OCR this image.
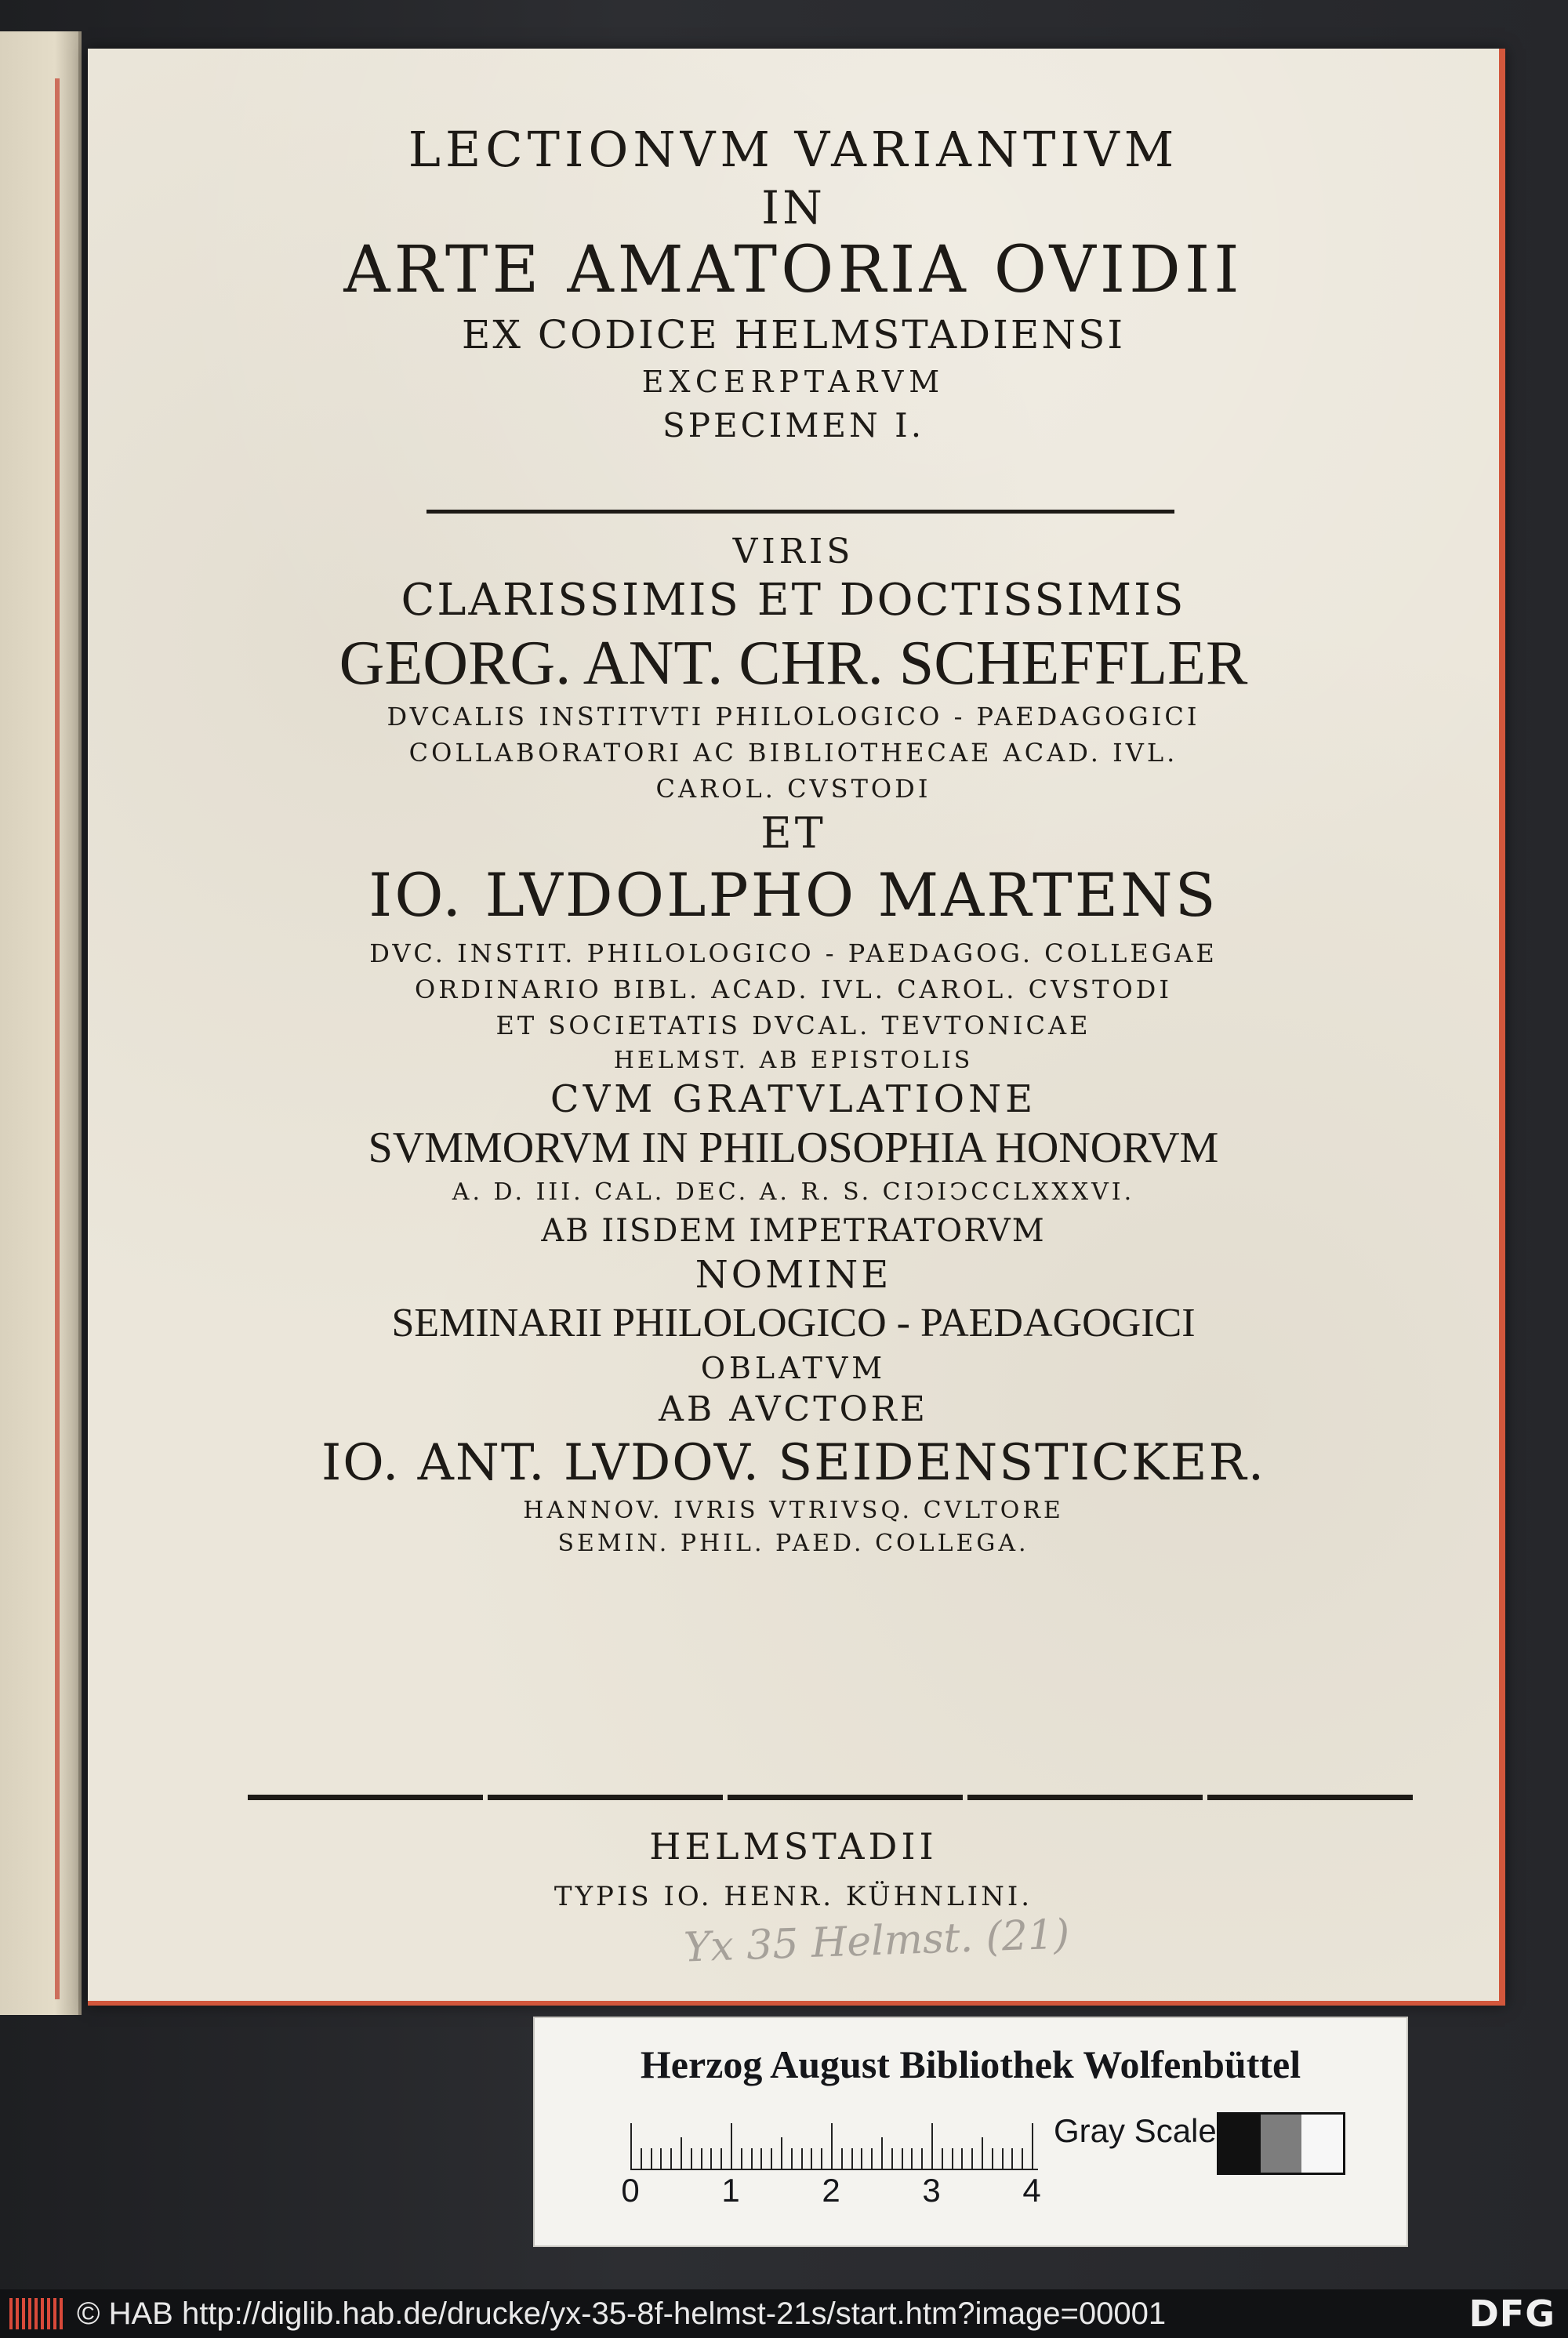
LECTIONVM VARIANTIVM
IN
ARTE AMATORIA OVIDII
EX CODICE HELMSTADIENSI
EXCERPTARVM
SPECIMEN I.
VIRIS
CLARISSIMIS ET DOCTISSIMIS
GEORG. ANT. CHR. SCHEFFLER
DVCALIS INSTITVTI PHILOLOGICO - PAEDAGOGICI
COLLABORATORI AC BIBLIOTHECAE ACAD. IVL.
CAROL. CVSTODI
ET
IO. LVDOLPHO MARTENS
DVC. INSTIT. PHILOLOGICO - PAEDAGOG. COLLEGAE
ORDINARIO BIBL. ACAD. IVL. CAROL. CVSTODI
ET SOCIETATIS DVCAL. TEVTONICAE
HELMST. AB EPISTOLIS
CVM GRATVLATIONE
SVMMORVM IN PHILOSOPHIA HONORVM
A. D. III. CAL. DEC. A. R. S. CIϽIϽCCLXXXVI.
AB IISDEM IMPETRATORVM
NOMINE
SEMINARII PHILOLOGICO - PAEDAGOGICI
OBLATVM
AB AVCTORE
IO. ANT. LVDOV. SEIDENSTICKER.
HANNOV. IVRIS VTRIVSQ. CVLTORE
SEMIN. PHIL. PAED. COLLEGA.
HELMSTADII
TYPIS IO. HENR. KÜHNLINI.
Yx 35 Helmst. (21)
Herzog August Bibliothek Wolfenbüttel
0 1 2 3 4
Gray Scale
© HAB http://diglib.hab.de/drucke/yx-35-8f-helmst-21s/start.htm?image=00001	DFG
